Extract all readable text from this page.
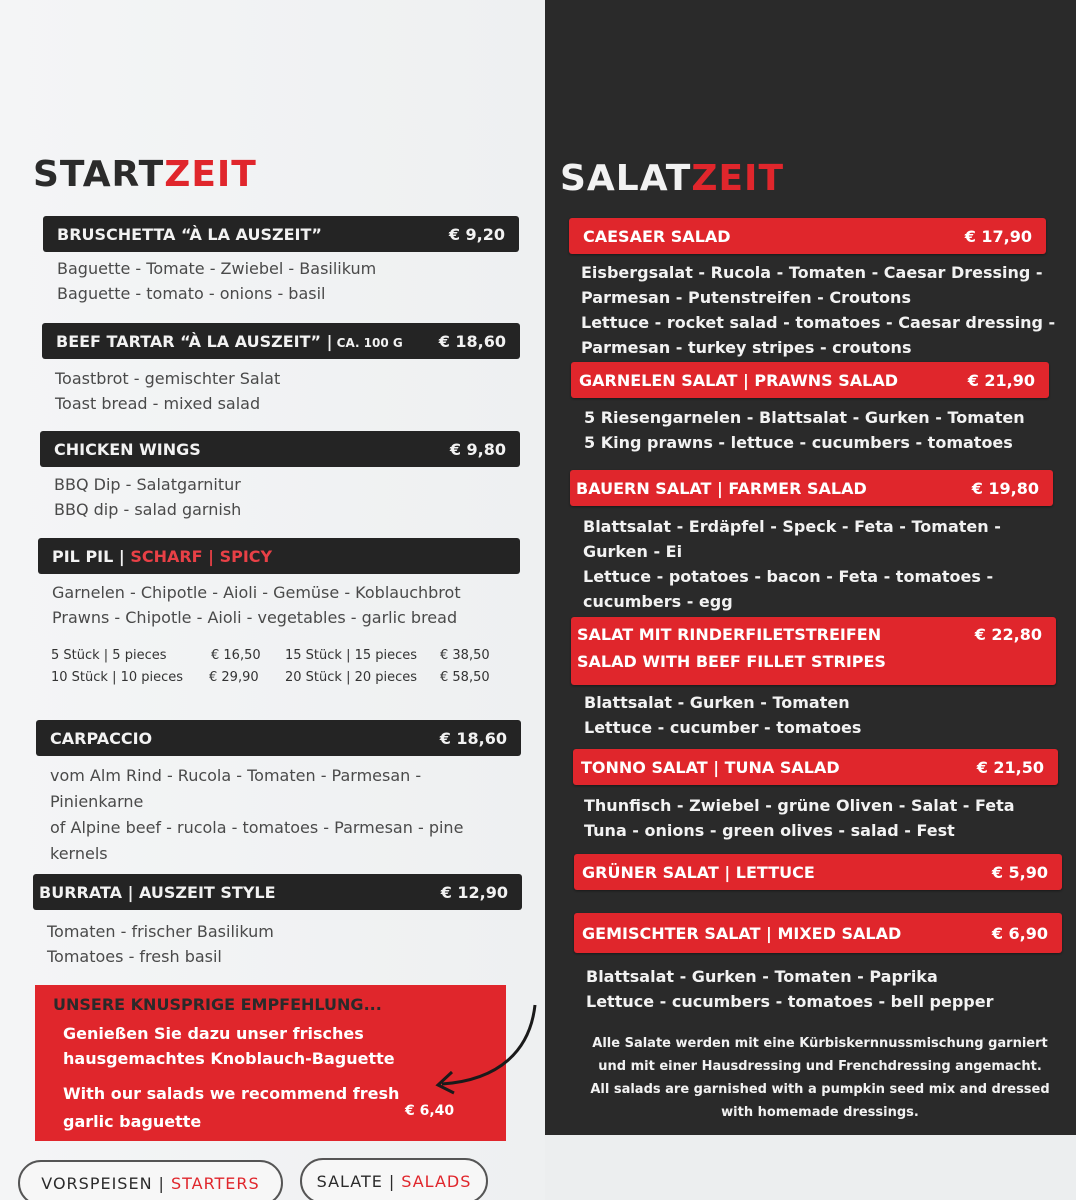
STARTZEIT	SALATZEIT
BRUSCHETTA “À LA AUSZEIT”	€ 9,20
Baguette - Tomate - Zwiebel - Basilikum
Baguette - tomato - onions - basil
BEEF TARTAR “À LA AUSZEIT” | CA. 100 G € 18,60
Toastbrot - gemischter Salat
Toast bread - mixed salad
CHICKEN WINGS	€ 9,80
BBQ Dip - Salatgarnitur
BBQ dip - salad garnish
PIL PIL | SCHARF | SPICY
Garnelen - Chipotle - Aioli - Gemüse - Koblauchbrot
Prawns - Chipotle - Aioli - vegetables - garlic bread
5 Stück | 5 pieces	€ 16,50 15 Stück | 15 pieces € 38,50
10 Stück | 10 pieces € 29,90 20 Stück | 20 pieces € 58,50
CARPACCIO	€ 18,60
vom Alm Rind - Rucola - Tomaten - Parmesan - Pinienkarne
of Alpine beef - rucola - tomatoes - Parmesan - pine kernels
BURRATA | AUSZEIT STYLE	€ 12,90
Tomaten - frischer Basilikum
Tomatoes - fresh basil
UNSERE KNUSPRIGE EMPFEHLUNG...
Genießen Sie dazu unser frisches hausgemachtes Knoblauch-Baguette
With our salads we recommend fresh garlic baguette
€ 6,40
CAESAER SALAD	€ 17,90
Eisbergsalat - Rucola - Tomaten - Caesar Dressing -
Parmesan - Putenstreifen - Croutons
Lettuce - rocket salad - tomatoes - Caesar dressing -
Parmesan - turkey stripes - croutons
GARNELEN SALAT | PRAWNS SALAD	€ 21,90
5 Riesengarnelen - Blattsalat - Gurken - Tomaten
5 King prawns - lettuce - cucumbers - tomatoes
BAUERN SALAT | FARMER SALAD	€ 19,80
Blattsalat - Erdäpfel - Speck - Feta - Tomaten -
Gurken - Ei
Lettuce - potatoes - bacon - Feta - tomatoes -
cucumbers - egg
SALAT MIT RINDERFILETSTREIFEN
SALAD WITH BEEF FILLET STRIPES
€ 22,80
Blattsalat - Gurken - Tomaten
Lettuce - cucumber - tomatoes
TONNO SALAT | TUNA SALAD	€ 21,50
Thunfisch - Zwiebel - grüne Oliven - Salat - Feta
Tuna - onions - green olives - salad - Fest
GRÜNER SALAT | LETTUCE	€ 5,90
GEMISCHTER SALAT | MIXED SALAD	€ 6,90
Blattsalat - Gurken - Tomaten - Paprika
Lettuce - cucumbers - tomatoes - bell pepper
Alle Salate werden mit eine Kürbiskernnussmischung garniert
und mit einer Hausdressing und Frenchdressing angemacht.
All salads are garnished with a pumpkin seed mix and dressed
with homemade dressings.
VORSPEISEN | STARTERS	SALATE | SALADS
